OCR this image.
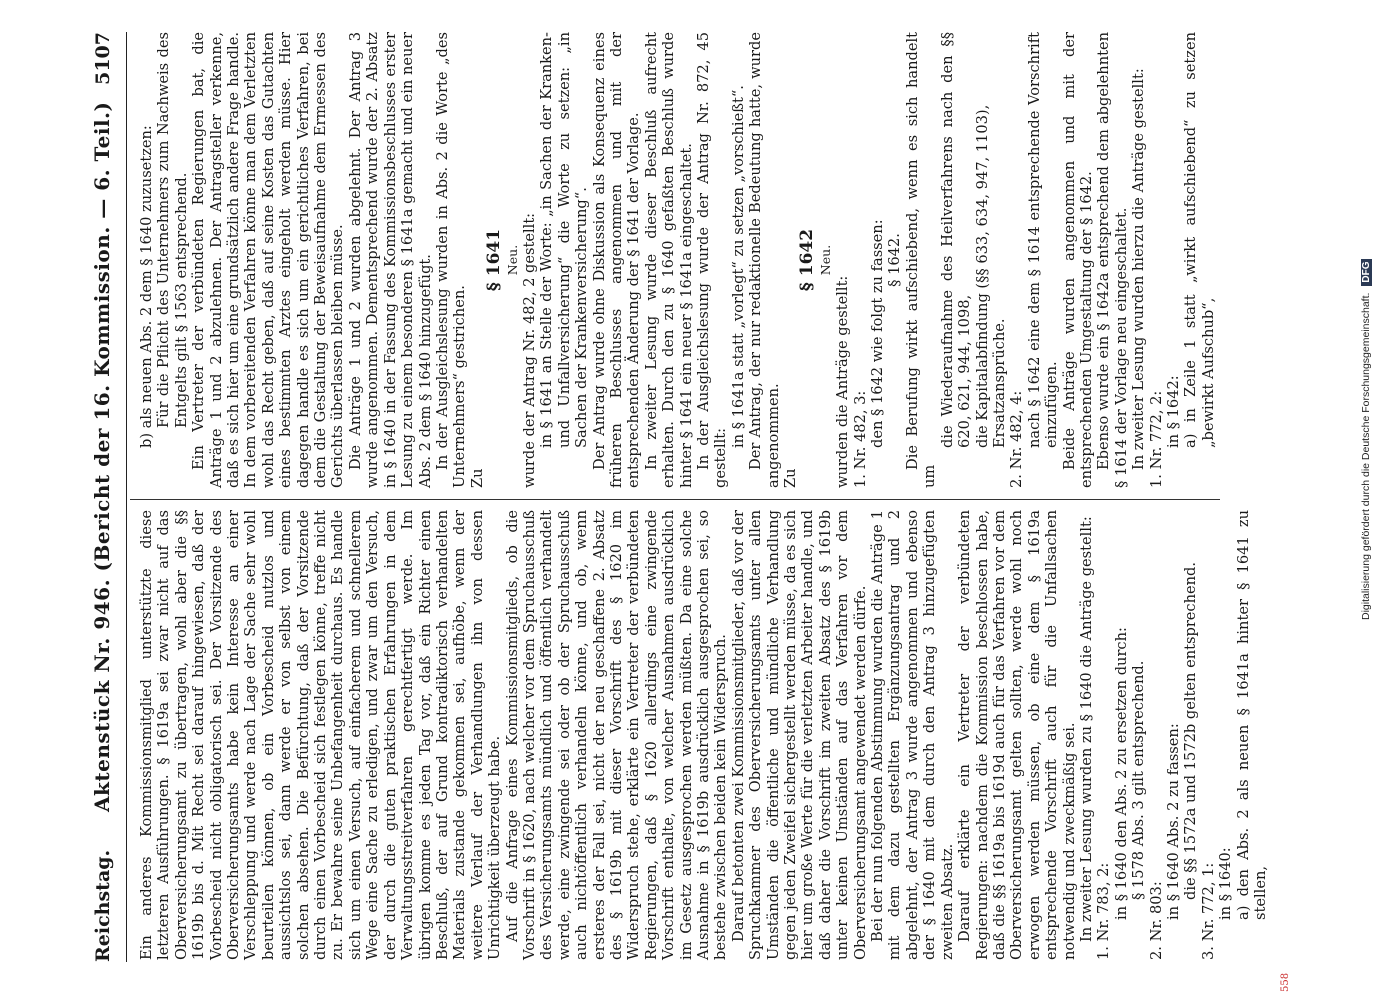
Reichstag.
Aktenstück Nr. 946. (Bericht der 16. Kommission. — 6. Teil.)
5107

Ein anderes Kommissionsmitglied unterstützte diese letzteren Ausführungen. § 1619a sei zwar nicht auf das Oberversicherungsamt zu übertragen, wohl aber die §§ 1619b bis d. Mit Recht sei darauf hingewiesen, daß der Vorbescheid nicht obligatorisch sei. Der Vorsitzende des Oberversicherungsamts habe kein Interesse an einer Verschleppung und werde nach Lage der Sache sehr wohl beurteilen können, ob ein Vorbescheid nutzlos und aussichtslos sei, dann werde er von selbst von einem solchen absehen. Die Befürchtung, daß der Vorsitzende durch einen Vorbescheid sich festlegen könne, treffe nicht zu. Er bewahre seine Unbefangenheit durchaus. Es handle sich um einen Versuch, auf einfacherem und schnellerem Wege eine Sache zu erledigen, und zwar um den Versuch, der durch die guten praktischen Erfahrungen in dem Verwaltungsstreitverfahren gerechtfertigt werde. Im übrigen komme es jeden Tag vor, daß ein Richter einen Beschluß, der auf Grund kontradiktorisch verhandelten Materials zustande gekommen sei, aufhöbe, wenn der weitere Verlauf der Verhandlungen ihn von dessen Unrichtigkeit überzeugt habe. Auf die Anfrage eines Kommissionsmitglieds, ob die Vorschrift in § 1620, nach welcher vor dem Spruchausschuß des Versicherungsamts mündlich und öffentlich verhandelt werde, eine zwingende sei oder ob der Spruchausschuß auch nichtöffentlich verhandeln könne, und ob, wenn ersteres der Fall sei, nicht der neu geschaffene 2. Absatz des § 1619b mit dieser Vorschrift des § 1620 im Widerspruch stehe, erklärte ein Vertreter der verbündeten Regierungen, daß § 1620 allerdings eine zwingende Vorschrift enthalte, von welcher Ausnahmen ausdrücklich im Gesetz ausgesprochen werden müßten. Da eine solche Ausnahme in § 1619b ausdrücklich ausgesprochen sei, so bestehe zwischen beiden kein Widerspruch. Darauf betonten zwei Kommissionsmitglieder, daß vor der Spruchkammer des Oberversicherungsamts unter allen Umständen die öffentliche und mündliche Verhandlung gegen jeden Zweifel sichergestellt werden müsse, da es sich hier um große Werte für die verletzten Arbeiter handle, und daß daher die Vorschrift im zweiten Absatz des § 1619b unter keinen Umständen auf das Verfahren vor dem Oberversicherungsamt angewendet werden dürfe. Bei der nun folgenden Abstimmung wurden die Anträge 1 mit dem dazu gestellten Ergänzungsantrag und 2 abgelehnt, der Antrag 3 wurde angenommen und ebenso der § 1640 mit dem durch den Antrag 3 hinzugefügten zweiten Absatz. Darauf erklärte ein Vertreter der verbündeten Regierungen: nachdem die Kommission beschlossen habe, daß die §§ 1619a bis 1619d auch für das Verfahren vor dem Oberversicherungsamt gelten sollten, werde wohl noch erwogen werden müssen, ob eine dem § 1619a entsprechende Vorschrift auch für die Unfallsachen notwendig und zweckmäßig sei. In zweiter Lesung wurden zu § 1640 die Anträge gestellt: 1. Nr. 783, 2: in § 1640 den Abs. 2 zu ersetzen durch: § 1578 Abs. 3 gilt entsprechend.

2. Nr. 803:

in § 1640 Abs. 2 zu fassen: die §§ 1572a und 1572b gelten entsprechend.

3. Nr. 772, 1: in § 1640: a) den Abs. 2 als neuen § 1641a hinter § 1641 zu stellen,

b) als neuen Abs. 2 dem § 1640 zuzusetzen: Für die Pflicht des Unternehmers zum Nachweis des Entgelts gilt § 1563 entsprechend. Ein Vertreter der verbündeten Regierungen bat, die Anträge 1 und 2 abzulehnen. Der Antragsteller verkenne, daß es sich hier um eine grundsätzlich andere Frage handle. In dem vorbereitenden Verfahren könne man dem Verletzten wohl das Recht geben, daß auf seine Kosten das Gutachten eines bestimmten Arztes eingeholt werden müsse. Hier dagegen handle es sich um ein gerichtliches Verfahren, bei dem die Gestaltung der Beweisaufnahme dem Ermessen des Gerichts überlassen bleiben müsse. Die Anträge 1 und 2 wurden abgelehnt. Der Antrag 3 wurde angenommen. Dementsprechend wurde der 2. Absatz in § 1640 in der Fassung des Kommissionsbeschlusses erster Lesung zu einem besonderen § 1641a gemacht und ein neuer Abs. 2 dem § 1640 hinzugefügt. In der Ausgleichslesung wurden in Abs. 2 die Worte „des Unternehmers“ gestrichen. Zu

§ 1641 Neu. wurde der Antrag Nr. 482, 2 gestellt: in § 1641 an Stelle der Worte: „in Sachen der Kranken- und Unfallversicherung“ die Worte zu setzen: „in Sachen der Krankenversicherung“. Der Antrag wurde ohne Diskussion als Konsequenz eines früheren Beschlusses angenommen und mit der entsprechenden Änderung der § 1641 der Vorlage. In zweiter Lesung wurde dieser Beschluß aufrecht erhalten. Durch den zu § 1640 gefaßten Beschluß wurde hinter § 1641 ein neuer § 1641a eingeschaltet. In der Ausgleichslesung wurde der Antrag Nr. 872, 45 gestellt:

in § 1641a statt „vorlegt“ zu setzen „vorschießt“. Der Antrag, der nur redaktionelle Bedeutung hatte, wurde angenommen. Zu

§ 1642 Neu.

wurden die Anträge gestellt: 1. Nr. 482, 3: den § 1642 wie folgt zu fassen: § 1642. Die Berufung wirkt aufschiebend, wenn es sich handelt um

die Wiederaufnahme des Heilverfahrens nach den §§ 620, 621, 944, 1098, die Kapitalabfindung (§§ 633, 634, 947, 1103), Ersatzansprüche. 2. Nr. 482, 4: nach § 1642 eine dem § 1614 entsprechende Vorschrift einzufügen. Beide Anträge wurden angenommen und mit der entsprechenden Umgestaltung der § 1642. Ebenso wurde ein § 1642a entsprechend dem abgelehnten § 1614 der Vorlage neu eingeschaltet. In zweiter Lesung wurden hierzu die Anträge gestellt: 1. Nr. 772, 2: in § 1642: a) in Zeile 1 statt „wirkt aufschiebend“ zu setzen „bewirkt Aufschub“,

558
Digitalisierung gefördert durch die Deutsche Forschungsgemeinschaft. DFG
